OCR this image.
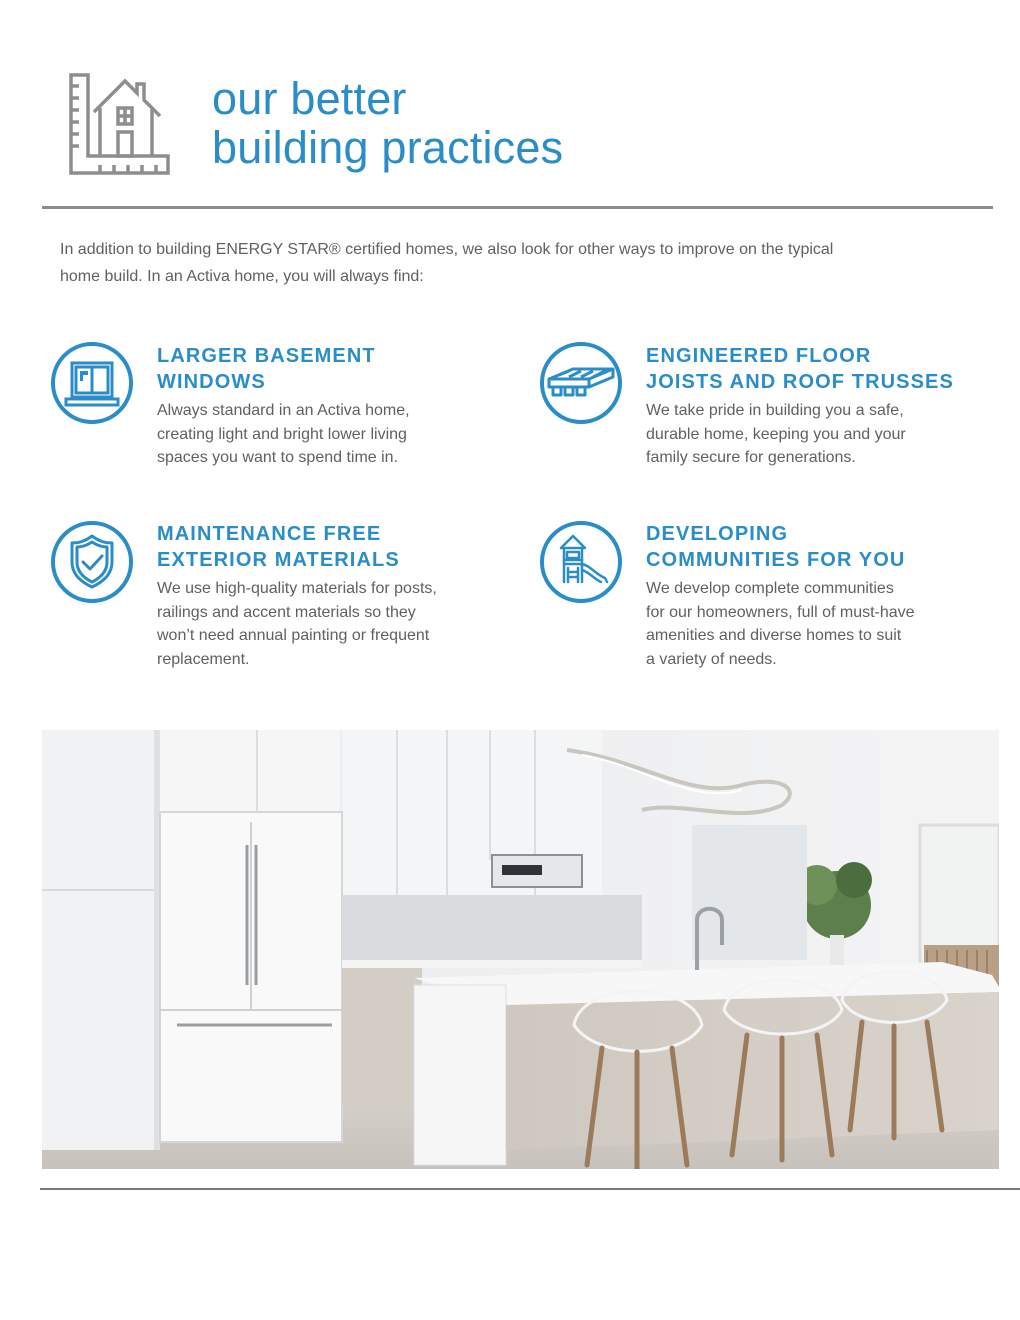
our better
building practices

In addition to building ENERGY STAR® certified homes, we also look for other ways to improve on the typical
home build. In an Activa home, you will always find:

LARGER BASEMENT
WINDOWS

Always standard in an Activa home,
creating light and bright lower living
spaces you want to spend time in.

ENGINEERED FLOOR
JOISTS AND ROOF TRUSSES

We take pride in building you a safe,
durable home, keeping you and your
family secure for generations.

MAINTENANCE FREE
EXTERIOR MATERIALS

We use high-quality materials for posts,
railings and accent materials so they
won’t need annual painting or frequent
replacement.

DEVELOPING
COMMUNITIES FOR YOU

We develop complete communities
for our homeowners, full of must-have
amenities and diverse homes to suit
a variety of needs.
